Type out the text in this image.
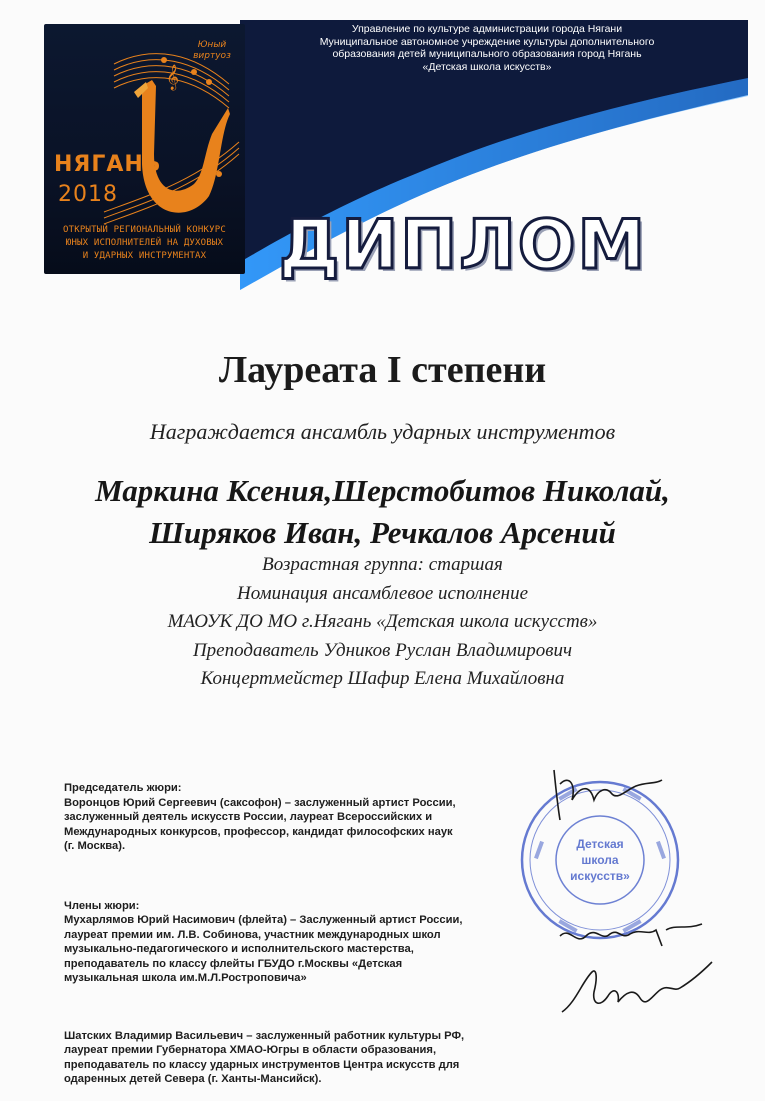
𝄞
Юный виртуоз
НЯГАНЬ
2018
ОТКРЫТЫЙ РЕГИОНАЛЬНЫЙ КОНКУРС
ЮНЫХ ИСПОЛНИТЕЛЕЙ НА ДУХОВЫХ
И УДАРНЫХ ИНСТРУМЕНТАХ
Управление по культуре администрации города Нягани
Муниципальное автономное учреждение культуры дополнительного
образования детей муниципального образования город Нягань
«Детская школа искусств»
ДИПЛОМ
Лауреата I степени
Награждается ансамбль ударных инструментов
Маркина Ксения,Шерстобитов Николай,
Ширяков Иван, Речкалов Арсений
Возрастная группа: старшая
Номинация ансамблевое исполнение
МАОУК ДО МО г.Нягань «Детская школа искусств»
Преподаватель Удников Руслан Владимирович
Концертмейстер Шафир Елена Михайловна

Председатель жюри:
Воронцов Юрий Сергеевич (саксофон) – заслуженный артист России,
заслуженный деятель искусств России, лауреат Всероссийских и
Международных конкурсов, профессор, кандидат философских наук
(г. Москва).

Члены жюри:
Мухарлямов Юрий Насимович (флейта) – Заслуженный артист России,
лауреат премии им. Л.В. Собинова, участник международных школ
музыкально-педагогического и исполнительского мастерства,
преподаватель по классу флейты ГБУДО г.Москвы «Детская
музыкальная школа им.М.Л.Ростроповича»

Шатских Владимир Васильевич – заслуженный работник культуры РФ,
лауреат премии Губернатора ХМАО-Югры в области образования,
преподаватель по классу ударных инструментов Центра искусств для
одаренных детей Севера (г. Ханты-Мансийск).

Детская
школа
искусств»
